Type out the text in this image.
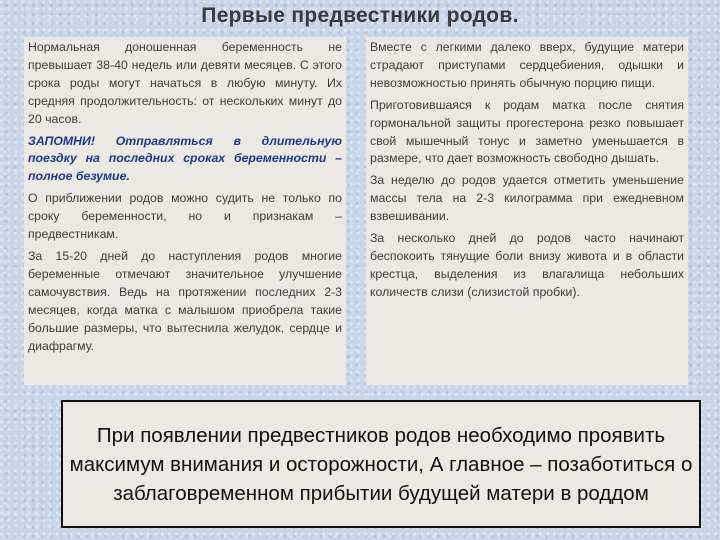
Первые предвестники родов.

Нормальная доношенная беременность не превышает 38-40 недель или девяти месяцев. С этого срока роды могут начаться в любую минуту. Их средняя продолжительность: от нескольких минут до 20 часов.

ЗАПОМНИ! Отправляться в длительную поездку на последних сроках беременности – полное безумие.

О приближении родов можно судить не только по сроку беременности, но и признакам – предвестникам.

За 15-20 дней до наступления родов многие беременные отмечают значительное улучшение самочувствия. Ведь на протяжении последних 2-3 месяцев, когда матка с малышом приобрела такие большие размеры, что вытеснила желудок, сердце и диафрагму.

Вместе с легкими далеко вверх, будущие матери страдают приступами сердцебиения, одышки и невозможностью принять обычную порцию пищи.

Приготовившаяся к родам матка после снятия гормональной защиты прогестерона резко повышает свой мышечный тонус и заметно уменьшается в размере, что дает возможность свободно дышать.

За неделю до родов удается отметить уменьшение массы тела на 2-3 килограмма при ежедневном взвешивании.

За несколько дней до родов часто начинают беспокоить тянущие боли внизу живота и в области крестца, выделения из влагалища небольших количеств слизи (слизистой пробки).

При появлении предвестников родов необходимо проявить максимум внимания и осторожности, А главное – позаботиться о заблаговременном прибытии будущей матери в роддом
